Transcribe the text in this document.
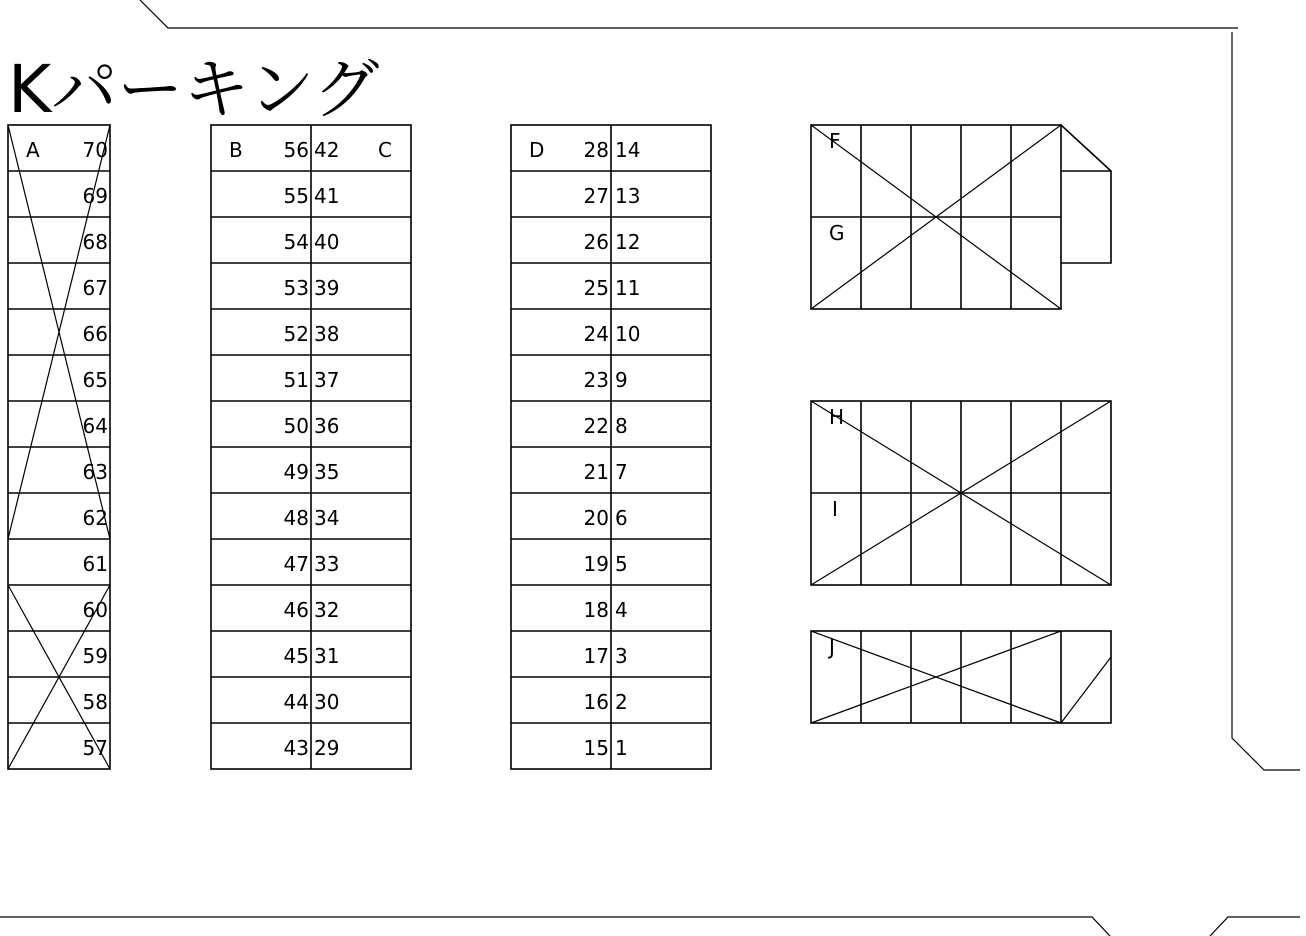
Kパーキング
A 70
69
68
67
66
65
64
63
62
61
60
59
58
57
B	C
56
55
54
53
52
51
50
49
48
47
46
45
44
43
42
41
40
39
38
37
36
35
34
33
32
31
30
29
D 28
27
26
25
24
23
22
21
20
19
18
17
16
15
14
13
12
11
10
9
8
7
6
5
4
3
2
1
F
G
H
I
J
